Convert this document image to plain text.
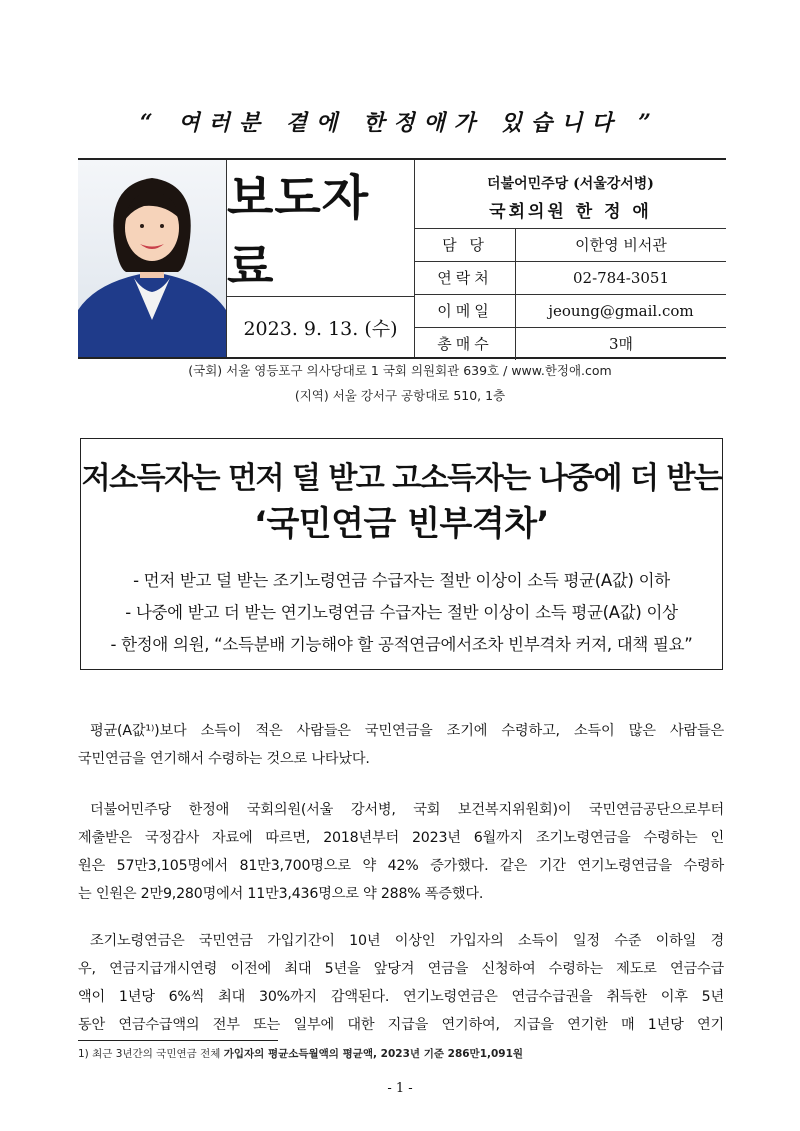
“ 여러분 곁에 한정애가 있습니다 ”
보도자료
2023. 9. 13. (수)
더불어민주당 (서울강서병)
국회의원 한 정 애
담 당	이한영 비서관
연락처	02-784-3051
이메일	jeoung@gmail.com
총매수	3매
(국회) 서울 영등포구 의사당대로 1 국회 의원회관 639호 / www.한정애.com
(지역) 서울 강서구 공항대로 510, 1층
저소득자는 먼저 덜 받고 고소득자는 나중에 더 받는
‘국민연금 빈부격차’
- 먼저 받고 덜 받는 조기노령연금 수급자는 절반 이상이 소득 평균(A값) 이하
- 나중에 받고 더 받는 연기노령연금 수급자는 절반 이상이 소득 평균(A값) 이상
- 한정애 의원, “소득분배 기능해야 할 공적연금에서조차 빈부격차 커져, 대책 필요”
평균(A값¹⁾)보다 소득이 적은 사람들은 국민연금을 조기에 수령하고, 소득이 많은 사람들은
국민연금을 연기해서 수령하는 것으로 나타났다.
더불어민주당 한정애 국회의원(서울 강서병, 국회 보건복지위원회)이 국민연금공단으로부터
제출받은 국정감사 자료에 따르면, 2018년부터 2023년 6월까지 조기노령연금을 수령하는 인
원은 57만3,105명에서 81만3,700명으로 약 42% 증가했다. 같은 기간 연기노령연금을 수령하
는 인원은 2만9,280명에서 11만3,436명으로 약 288% 폭증했다.
조기노령연금은 국민연금 가입기간이 10년 이상인 가입자의 소득이 일정 수준 이하일 경
우, 연금지급개시연령 이전에 최대 5년을 앞당겨 연금을 신청하여 수령하는 제도로 연금수급
액이 1년당 6%씩 최대 30%까지 감액된다. 연기노령연금은 연금수급권을 취득한 이후 5년
동안 연금수급액의 전부 또는 일부에 대한 지급을 연기하여, 지급을 연기한 매 1년당 연기
1) 최근 3년간의 국민연금 전체 가입자의 평균소득월액의 평균액, 2023년 기준 286만1,091원
- 1 -
